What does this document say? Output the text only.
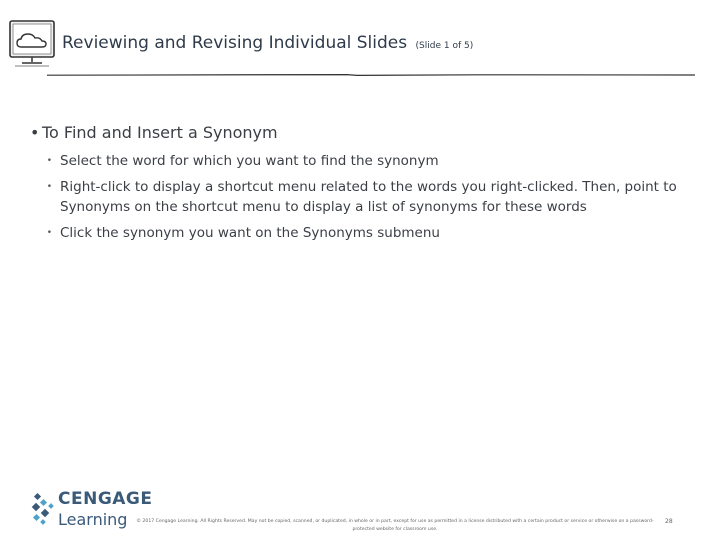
Reviewing and Revising Individual Slides (Slide 1 of 5)
• To Find and Insert a Synonym
• Select the word for which you want to find the synonym
• Right-click to display a shortcut menu related to the words you right-clicked. Then, point to Synonyms on the shortcut menu to display a list of synonyms for these words
• Click the synonym you want on the Synonyms submenu
CENGAGE
Learning	© 2017 Cengage Learning. All Rights Reserved. May not be copied, scanned, or duplicated, in whole or in part, except for use as permitted in a license distributed with a certain product or service or otherwise on a password-protected website for classroom use.
28
